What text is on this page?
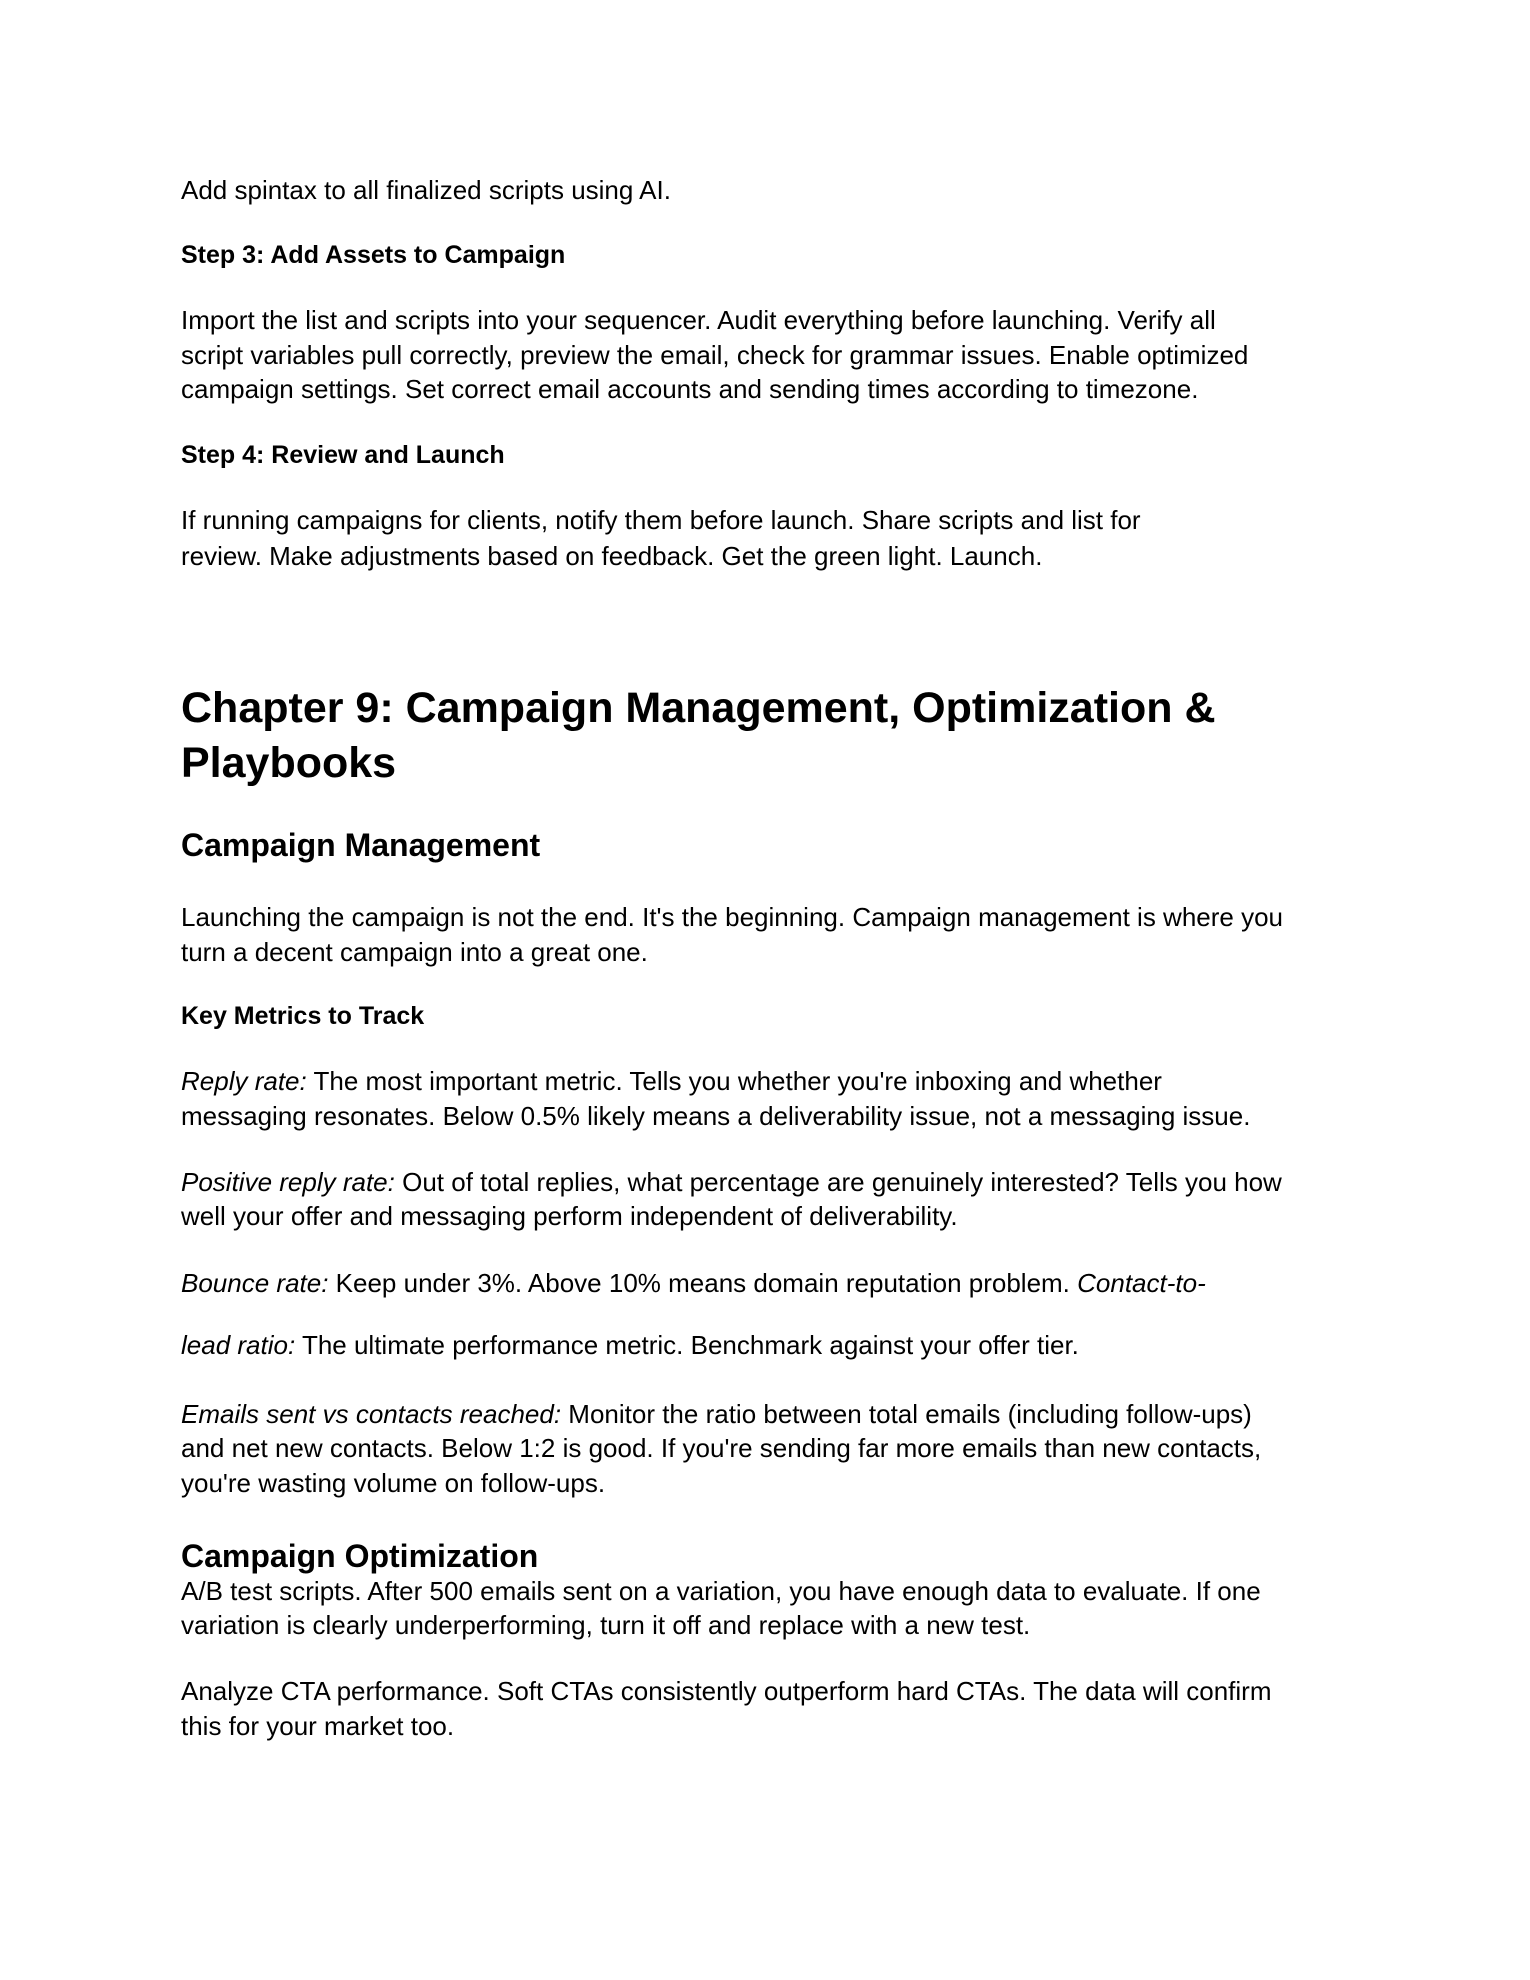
Add spintax to all finalized scripts using AI.

Step 3: Add Assets to Campaign

Import the list and scripts into your sequencer. Audit everything before launching. Verify all

script variables pull correctly, preview the email, check for grammar issues. Enable optimized

campaign settings. Set correct email accounts and sending times according to timezone.

Step 4: Review and Launch

If running campaigns for clients, notify them before launch. Share scripts and list for

review. Make adjustments based on feedback. Get the green light. Launch.

Chapter 9: Campaign Management, Optimization &
Playbooks
Campaign Management

Launching the campaign is not the end. It's the beginning. Campaign management is where you

turn a decent campaign into a great one.

Key Metrics to Track

Reply rate: The most important metric. Tells you whether you're inboxing and whether

messaging resonates. Below 0.5% likely means a deliverability issue, not a messaging issue.

Positive reply rate: Out of total replies, what percentage are genuinely interested? Tells you how

well your offer and messaging perform independent of deliverability.

Bounce rate: Keep under 3%. Above 10% means domain reputation problem. Contact-to-

lead ratio: The ultimate performance metric. Benchmark against your offer tier.

Emails sent vs contacts reached: Monitor the ratio between total emails (including follow-ups)

and net new contacts. Below 1:2 is good. If you're sending far more emails than new contacts,

you're wasting volume on follow-ups.

Campaign Optimization

A/B test scripts. After 500 emails sent on a variation, you have enough data to evaluate. If one

variation is clearly underperforming, turn it off and replace with a new test.

Analyze CTA performance. Soft CTAs consistently outperform hard CTAs. The data will confirm

this for your market too.
